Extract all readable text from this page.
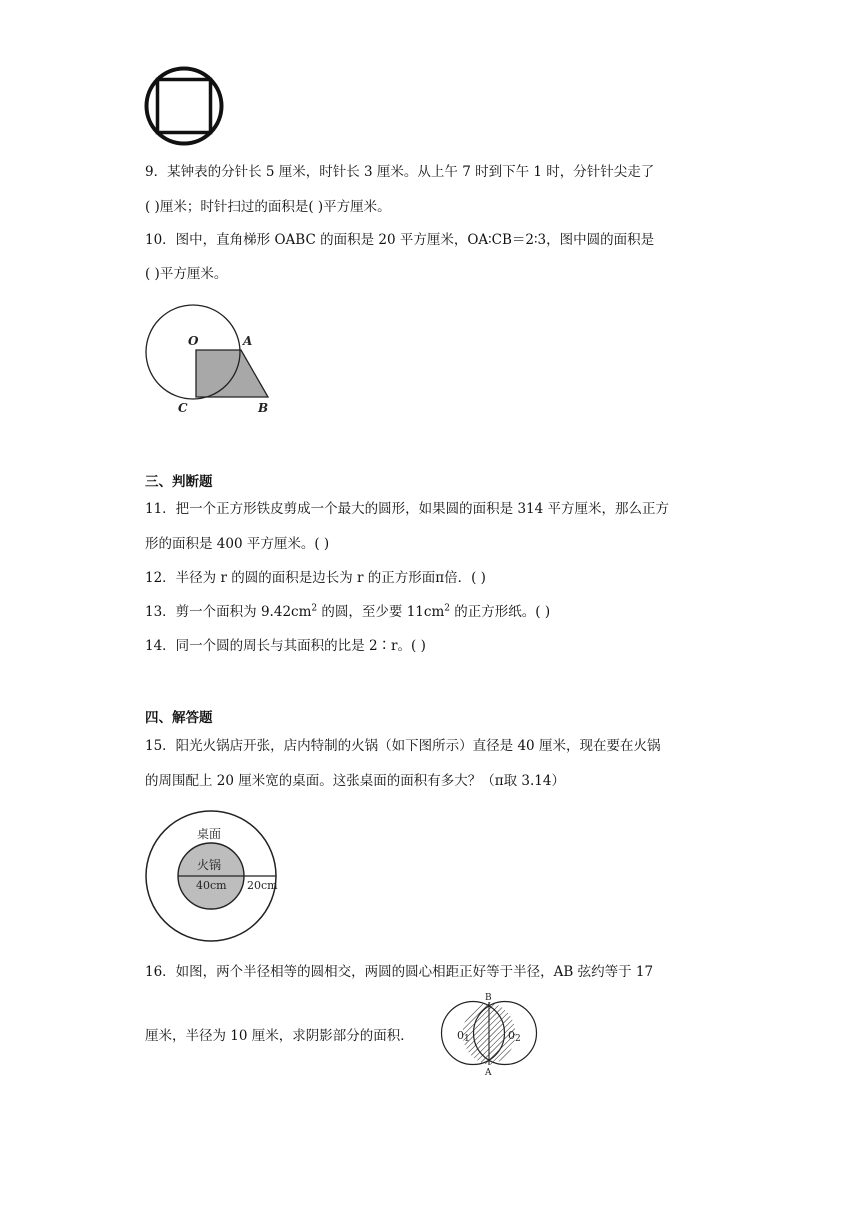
9．某钟表的分针长 5 厘米，时针长 3 厘米。从上午 7 时到下午 1 时，分针针尖走了
( )厘米；时针扫过的面积是( )平方厘米。
10．图中，直角梯形 OABC 的面积是 20 平方厘米，OA∶CB＝2∶3，图中圆的面积是
( )平方厘米。
O	A
C	B
三、判断题
11．把一个正方形铁皮剪成一个最大的圆形，如果圆的面积是 314 平方厘米，那么正方
形的面积是 400 平方厘米。( )
12．半径为 r 的圆的面积是边长为 r 的正方形面π倍．( )
13．剪一个面积为 $9.42cm^2$ 的圆，至少要 $11cm^2$ 的正方形纸。( )
14．同一个圆的周长与其面积的比是 2∶r。( )
四、解答题
15．阳光火锅店开张，店内特制的火锅（如下图所示）直径是 40 厘米，现在要在火锅
的周围配上 20 厘米宽的桌面。这张桌面的面积有多大？（π取 3.14）
桌面
火锅
40cm 20cm
16．如图，两个半径相等的圆相交，两圆的圆心相距正好等于半径，AB 弦约等于 17
厘米，半径为 10 厘米，求阴影部分的面积．
B
A
01	02
